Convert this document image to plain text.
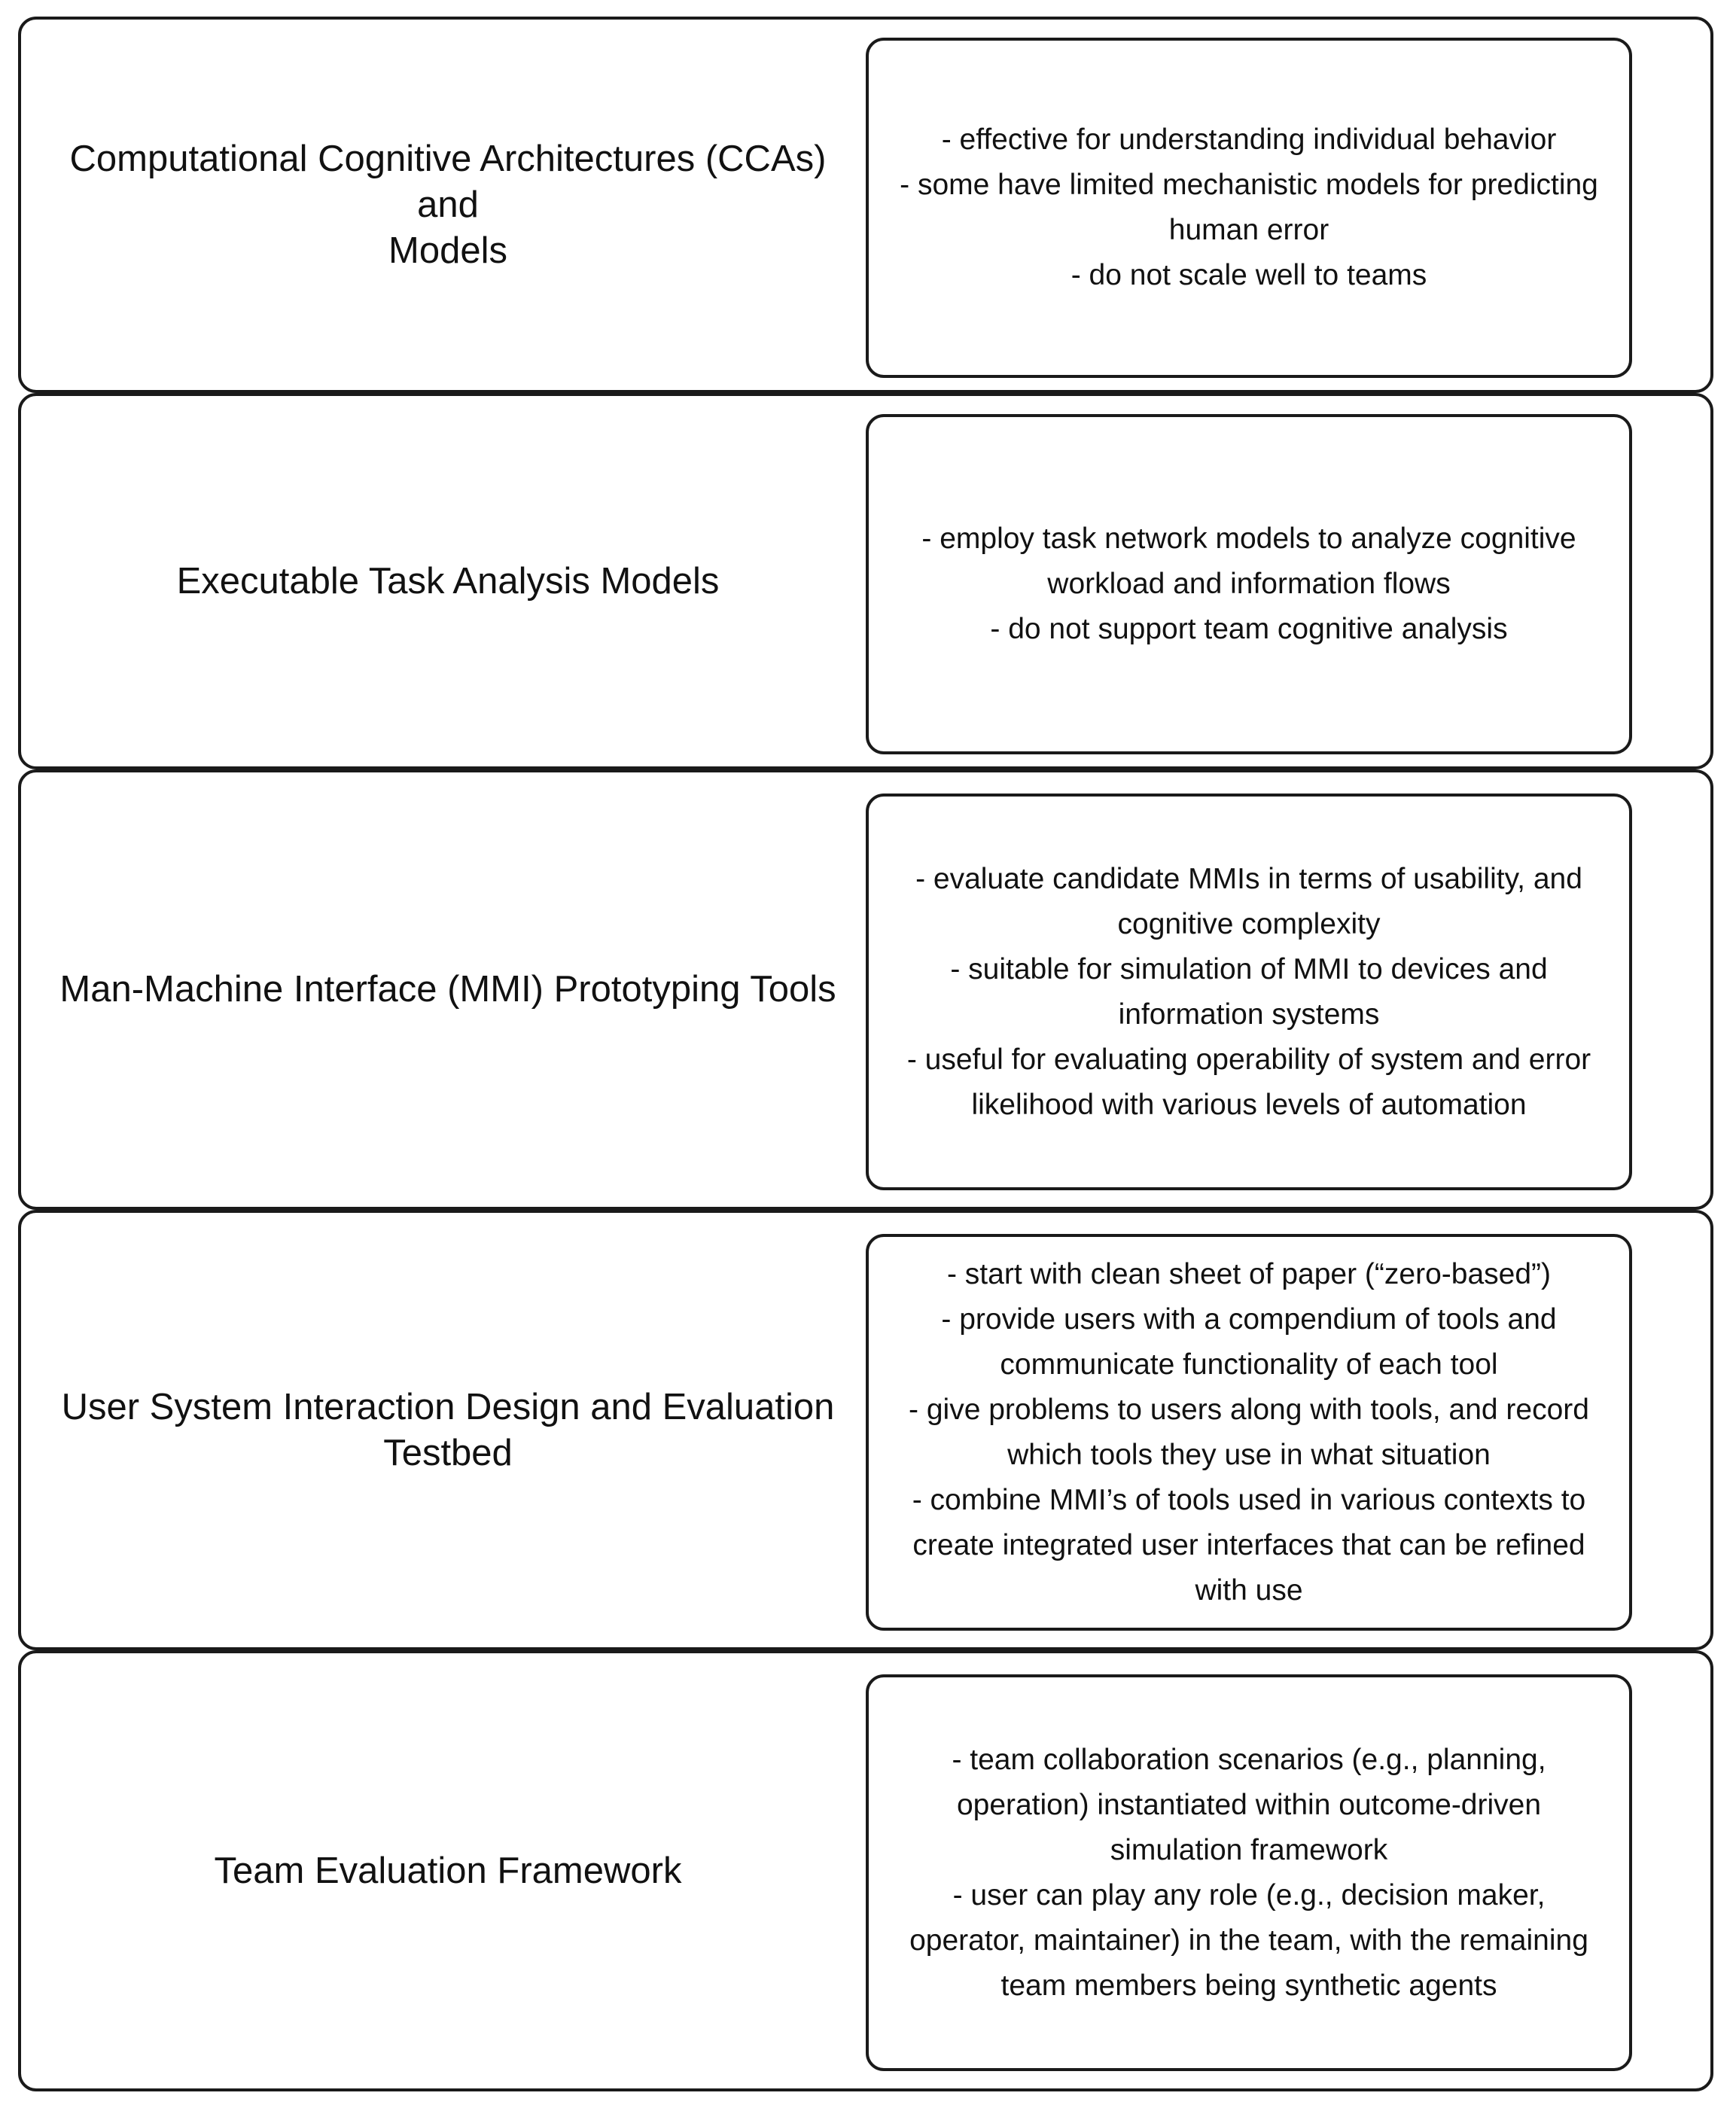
Computational Cognitive Architectures (CCAs)
and
Models
- effective for understanding individual behavior
- some have limited mechanistic models for predicting
human error
- do not scale well to teams
Executable Task Analysis Models
- employ task network models to analyze cognitive
workload and information flows
- do not support team cognitive analysis
Man-Machine Interface (MMI) Prototyping Tools
- evaluate candidate MMIs in terms of usability, and
cognitive complexity
- suitable for simulation of MMI to devices and
information systems
- useful for evaluating operability of system and error
likelihood with various levels of automation
User System Interaction Design and Evaluation
Testbed
- start with clean sheet of paper (“zero-based”)
- provide users with a compendium of tools and
communicate functionality of each tool
- give problems to users along with tools, and record
which tools they use in what situation
- combine MMI’s of tools used in various contexts to
create integrated user interfaces that can be refined
with use
Team Evaluation Framework
- team collaboration scenarios (e.g., planning,
operation) instantiated within outcome-driven
simulation framework
- user can play any role (e.g., decision maker,
operator, maintainer) in the team, with the remaining
team members being synthetic agents
